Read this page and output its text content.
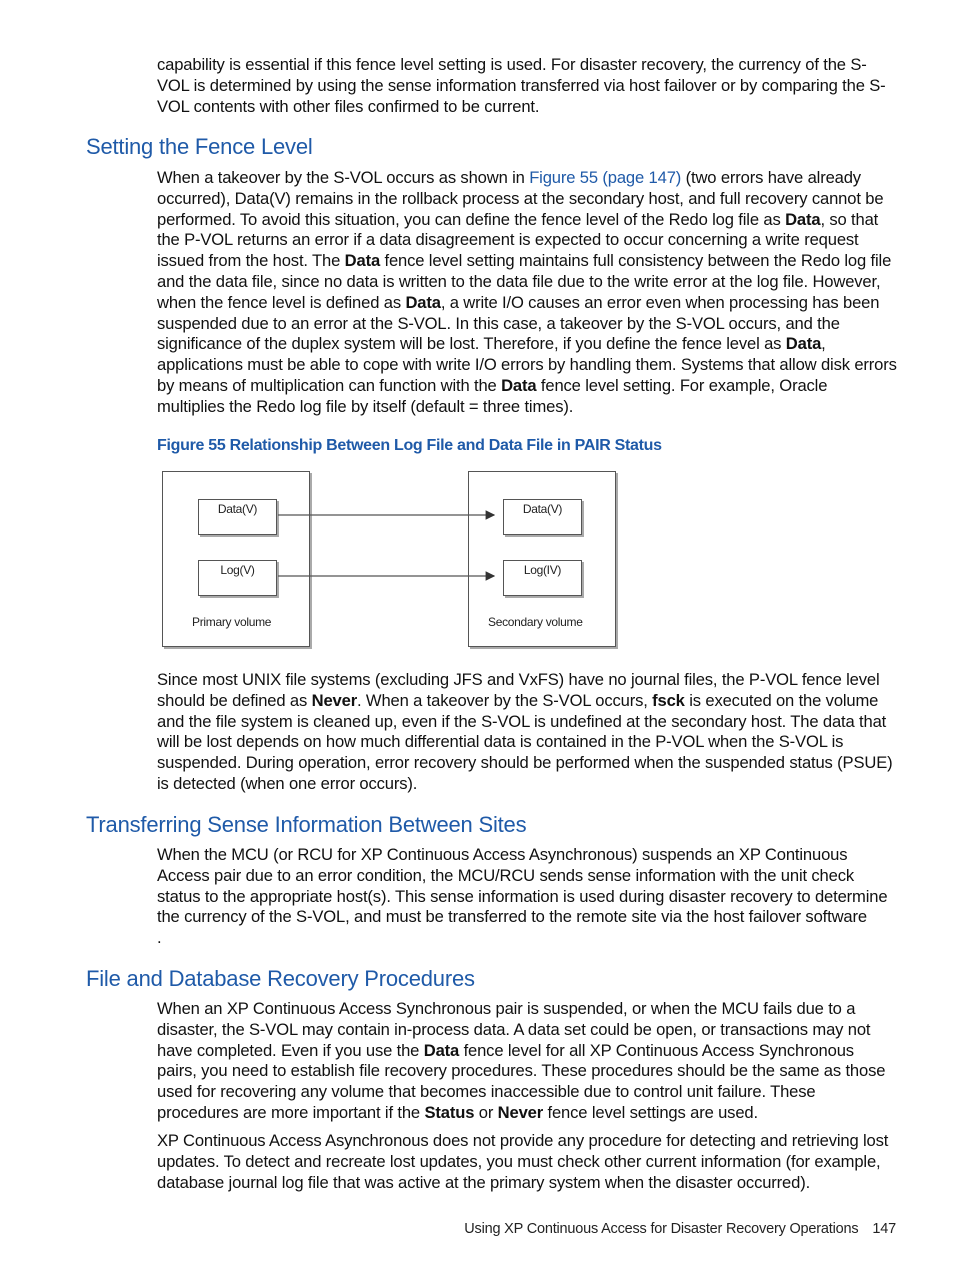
capability is essential if this fence level setting is used. For disaster recovery, the currency of the S-VOL is determined by using the sense information transferred via host failover or by comparing the S-VOL contents with other files confirmed to be current.

Setting the Fence Level

When a takeover by the S-VOL occurs as shown in Figure 55 (page 147) (two errors have already occurred), Data(V) remains in the rollback process at the secondary host, and full recovery cannot be performed. To avoid this situation, you can define the fence level of the Redo log file as Data, so that the P-VOL returns an error if a data disagreement is expected to occur concerning a write request issued from the host. The Data fence level setting maintains full consistency between the Redo log file and the data file, since no data is written to the data file due to the write error at the log file. However, when the fence level is defined as Data, a write I/O causes an error even when processing has been suspended due to an error at the S-VOL. In this case, a takeover by the S-VOL occurs, and the significance of the duplex system will be lost. Therefore, if you define the fence level as Data, applications must be able to cope with write I/O errors by handling them. Systems that allow disk errors by means of multiplication can function with the Data fence level setting. For example, Oracle multiplies the Redo log file by itself (default = three times).

Figure 55 Relationship Between Log File and Data File in PAIR Status

Data(V)
Log(V)
Primary volume
Data(V)
Log(IV)
Secondary volume

Since most UNIX file systems (excluding JFS and VxFS) have no journal files, the P-VOL fence level should be defined as Never. When a takeover by the S-VOL occurs, fsck is executed on the volume and the file system is cleaned up, even if the S-VOL is undefined at the secondary host. The data that will be lost depends on how much differential data is contained in the P-VOL when the S-VOL is suspended. During operation, error recovery should be performed when the suspended status (PSUE) is detected (when one error occurs).

Transferring Sense Information Between Sites

When the MCU (or RCU for XP Continuous Access Asynchronous) suspends an XP Continuous Access pair due to an error condition, the MCU/RCU sends sense information with the unit check status to the appropriate host(s). This sense information is used during disaster recovery to determine the currency of the S-VOL, and must be transferred to the remote site via the host failover software
.

File and Database Recovery Procedures

When an XP Continuous Access Synchronous pair is suspended, or when the MCU fails due to a disaster, the S-VOL may contain in-process data. A data set could be open, or transactions may not have completed. Even if you use the Data fence level for all XP Continuous Access Synchronous pairs, you need to establish file recovery procedures. These procedures should be the same as those used for recovering any volume that becomes inaccessible due to control unit failure. These procedures are more important if the Status or Never fence level settings are used.

XP Continuous Access Asynchronous does not provide any procedure for detecting and retrieving lost updates. To detect and recreate lost updates, you must check other current information (for example, database journal log file that was active at the primary system when the disaster occurred).

Using XP Continuous Access for Disaster Recovery Operations 147
